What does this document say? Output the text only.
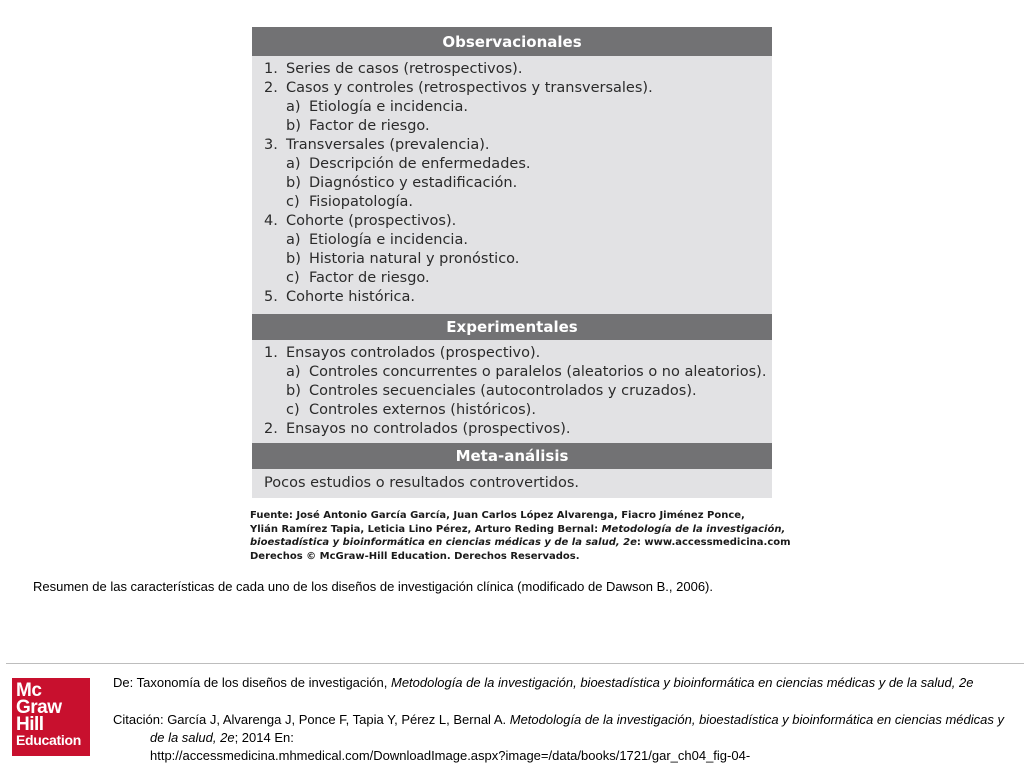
Observacionales
1. Series de casos (retrospectivos).
2. Casos y controles (retrospectivos y transversales).
a) Etiología e incidencia.
b) Factor de riesgo.
3. Transversales (prevalencia).
a) Descripción de enfermedades.
b) Diagnóstico y estadificación.
c) Fisiopatología.
4. Cohorte (prospectivos).
a) Etiología e incidencia.
b) Historia natural y pronóstico.
c) Factor de riesgo.
5. Cohorte histórica.
Experimentales
1. Ensayos controlados (prospectivo).
a) Controles concurrentes o paralelos (aleatorios o no aleatorios).
b) Controles secuenciales (autocontrolados y cruzados).
c) Controles externos (históricos).
2. Ensayos no controlados (prospectivos).
Meta-análisis
Pocos estudios o resultados controvertidos.
Fuente: José Antonio García García, Juan Carlos López Alvarenga, Fiacro Jiménez Ponce,
Ylián Ramírez Tapia, Leticia Lino Pérez, Arturo Reding Bernal: Metodología de la investigación,
bioestadística y bioinformática en ciencias médicas y de la salud, 2e: www.accessmedicina.com
Derechos © McGraw-Hill Education. Derechos Reservados.
Resumen de las características de cada uno de los diseños de investigación clínica (modificado de Dawson B., 2006).
Mc
Graw
Hill
Education
De: Taxonomía de los diseños de investigación, Metodología de la investigación, bioestadística y bioinformática en ciencias médicas y de la salud, 2e
Citación: García J, Alvarenga J, Ponce F, Tapia Y, Pérez L, Bernal A. Metodología de la investigación, bioestadística y bioinformática en ciencias médicas y de la salud, 2e; 2014 En:
http://accessmedicina.mhmedical.com/DownloadImage.aspx?image=/data/books/1721/gar_ch04_fig-04-
